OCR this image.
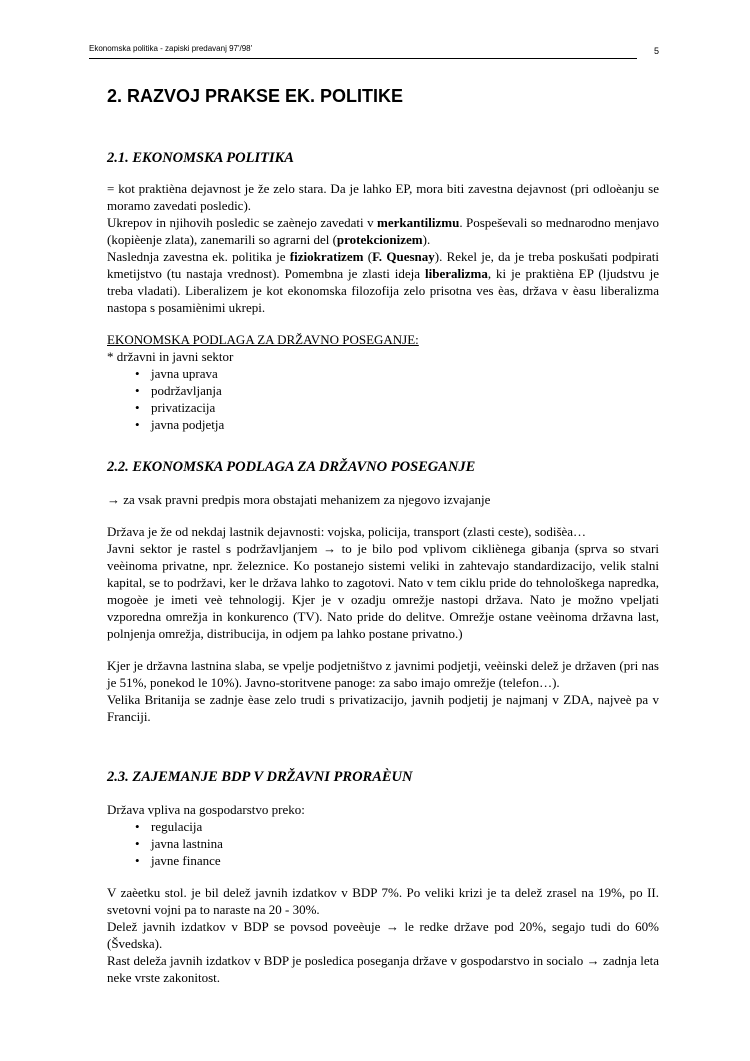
Ekonomska politika - zapiski predavanj 97'/98'	5
2. RAZVOJ PRAKSE EK. POLITIKE
2.1. EKONOMSKA POLITIKA

= kot praktièna dejavnost je že zelo stara. Da je lahko EP, mora biti zavestna dejavnost (pri odloèanju se moramo zavedati posledic).

Ukrepov in njihovih posledic se zaènejo zavedati v merkantilizmu. Pospeševali so mednarodno menjavo (kopièenje zlata), zanemarili so agrarni del (protekcionizem).

Naslednja zavestna ek. politika je fiziokratizem (F. Quesnay). Rekel je, da je treba poskušati podpirati kmetijstvo (tu nastaja vrednost). Pomembna je zlasti ideja liberalizma, ki je praktièna EP (ljudstvu je treba vladati). Liberalizem je kot ekonomska filozofija zelo prisotna ves èas, država v èasu liberalizma nastopa s posamiènimi ukrepi.

EKONOMSKA PODLAGA ZA DRŽAVNO POSEGANJE:

* državni in javni sektor

• javna uprava
• podržavljanja
• privatizacija
• javna podjetja
2.2. EKONOMSKA PODLAGA ZA DRŽAVNO POSEGANJE

→ za vsak pravni predpis mora obstajati mehanizem za njegovo izvajanje

Država je že od nekdaj lastnik dejavnosti: vojska, policija, transport (zlasti ceste), sodišèa…

Javni sektor je rastel s podržavljanjem → to je bilo pod vplivom cikliènega gibanja (sprva so stvari veèinoma privatne, npr. železnice. Ko postanejo sistemi veliki in zahtevajo standardizacijo, velik stalni kapital, se to podržavi, ker le država lahko to zagotovi. Nato v tem ciklu pride do tehnološkega napredka, mogoèe je imeti veè tehnologij. Kjer je v ozadju omrežje nastopi država. Nato je možno vpeljati vzporedna omrežja in konkurenco (TV). Nato pride do delitve. Omrežje ostane veèinoma državna last, polnjenja omrežja, distribucija, in odjem pa lahko postane privatno.)

Kjer je državna lastnina slaba, se vpelje podjetništvo z javnimi podjetji, veèinski delež je državen (pri nas je 51%, ponekod le 10%). Javno-storitvene panoge: za sabo imajo omrežje (telefon…).

Velika Britanija se zadnje èase zelo trudi s privatizacijo, javnih podjetij je najmanj v ZDA, najveè pa v Franciji.

2.3. ZAJEMANJE BDP V DRŽAVNI PRORAÈUN

Država vpliva na gospodarstvo preko:

• regulacija
• javna lastnina
• javne finance

V zaèetku stol. je bil delež javnih izdatkov v BDP 7%. Po veliki krizi je ta delež zrasel na 19%, po II. svetovni vojni pa to naraste na 20 - 30%.

Delež javnih izdatkov v BDP se povsod poveèuje → le redke države pod 20%, segajo tudi do 60% (Švedska).

Rast deleža javnih izdatkov v BDP je posledica poseganja države v gospodarstvo in socialo → zadnja leta neke vrste zakonitost.
